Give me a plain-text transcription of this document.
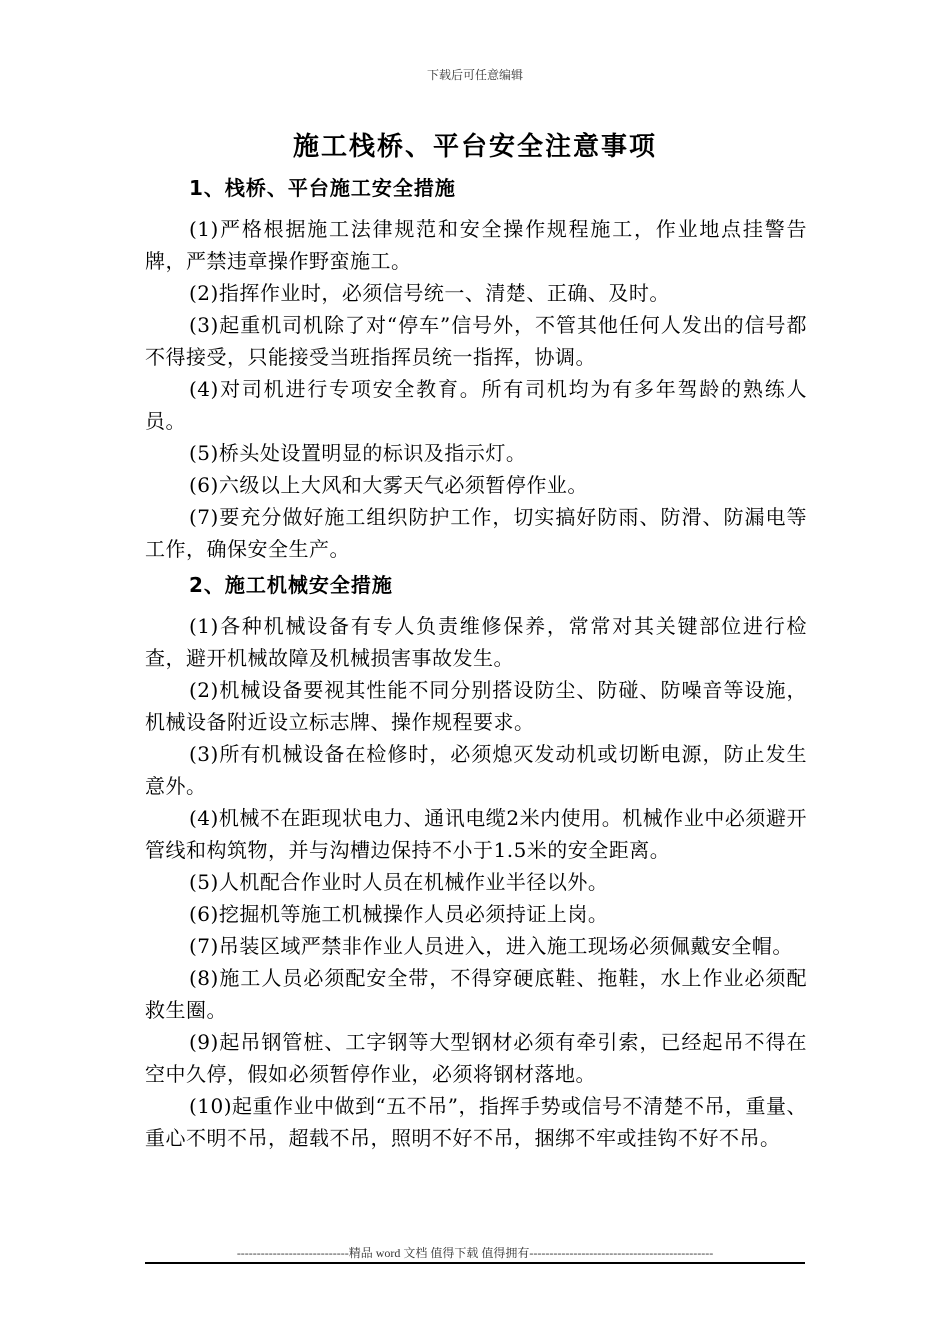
下载后可任意编辑
施工栈桥、平台安全注意事项
1、栈桥、平台施工安全措施

(1)严格根据施工法律规范和安全操作规程施工，作业地点挂警告牌，严禁违章操作野蛮施工。

(2)指挥作业时，必须信号统一、清楚、正确、及时。

(3)起重机司机除了对“停车”信号外，不管其他任何人发出的信号都不得接受，只能接受当班指挥员统一指挥，协调。

(4)对司机进行专项安全教育。所有司机均为有多年驾龄的熟练人员。

(5)桥头处设置明显的标识及指示灯。

(6)六级以上大风和大雾天气必须暂停作业。

(7)要充分做好施工组织防护工作，切实搞好防雨、防滑、防漏电等工作，确保安全生产。

2、施工机械安全措施

(1)各种机械设备有专人负责维修保养，常常对其关键部位进行检查，避开机械故障及机械损害事故发生。

(2)机械设备要视其性能不同分别搭设防尘、防碰、防噪音等设施，机械设备附近设立标志牌、操作规程要求。

(3)所有机械设备在检修时，必须熄灭发动机或切断电源，防止发生意外。

(4)机械不在距现状电力、通讯电缆2米内使用。机械作业中必须避开管线和构筑物，并与沟槽边保持不小于1.5米的安全距离。

(5)人机配合作业时人员在机械作业半径以外。

(6)挖掘机等施工机械操作人员必须持证上岗。

(7)吊装区域严禁非作业人员进入，进入施工现场必须佩戴安全帽。

(8)施工人员必须配安全带，不得穿硬底鞋、拖鞋，水上作业必须配救生圈。

(9)起吊钢管桩、工字钢等大型钢材必须有牵引索，已经起吊不得在空中久停，假如必须暂停作业，必须将钢材落地。

(10)起重作业中做到“五不吊”，指挥手势或信号不清楚不吊，重量、重心不明不吊，超载不吊，照明不好不吊，捆绑不牢或挂钩不好不吊。

----------------------------精品 word 文档 值得下载 值得拥有----------------------------------------------
